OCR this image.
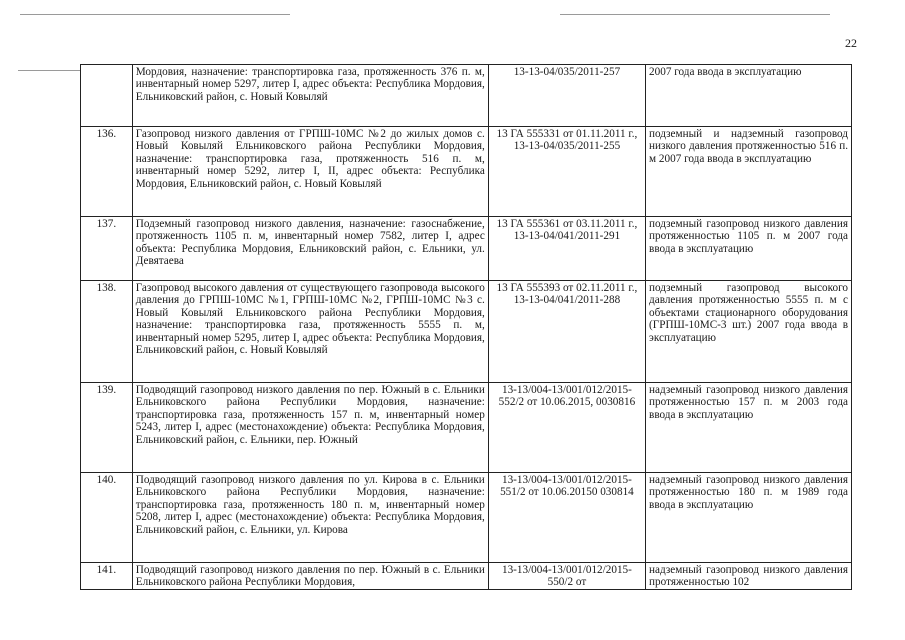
22
	Мордовия, назначение: транспортировка газа, протяженность 376 п. м, инвентарный номер 5297, литер I, адрес объекта: Республика Мордовия, Ельниковский район, с. Новый Ковыляй	13-13-04/035/2011-257	2007 года ввода в эксплуатацию
136.	Газопровод низкого давления от ГРПШ-10МС №2 до жилых домов с. Новый Ковыляй Ельниковского района Республики Мордовия, назначение: транспортировка газа, протяженность 516 п. м, инвентарный номер 5292, литер I, II, адрес объекта: Республика Мордовия, Ельниковский район, с. Новый Ковыляй	13 ГА 555331 от 01.11.2011 г., 13-13-04/035/2011-255	подземный и надземный газопровод низкого давления протяженностью 516 п. м 2007 года ввода в эксплуатацию
137.	Подземный газопровод низкого давления, назначение: газоснабжение, протяженность 1105 п. м, инвентарный номер 7582, литер I, адрес объекта: Республика Мордовия, Ельниковский район, с. Ельники, ул. Девятаева	13 ГА 555361 от 03.11.2011 г., 13-13-04/041/2011-291	подземный газопровод низкого давления протяженностью 1105 п. м 2007 года ввода в эксплуатацию
138.	Газопровод высокого давления от существующего газопровода высокого давления до ГРПШ-10МС №1, ГРПШ-10МС №2, ГРПШ-10МС №3 с. Новый Ковыляй Ельниковского района Республики Мордовия, назначение: транспортировка газа, протяженность 5555 п. м, инвентарный номер 5295, литер I, адрес объекта: Республика Мордовия, Ельниковский район, с. Новый Ковыляй	13 ГА 555393 от 02.11.2011 г., 13-13-04/041/2011-288	подземный газопровод высокого давления протяженностью 5555 п. м с объектами стационарного оборудования (ГРПШ-10МС-3 шт.) 2007 года ввода в эксплуатацию
139.	Подводящий газопровод низкого давления по пер. Южный в с. Ельники Ельниковского района Республики Мордовия, назначение: транспортировка газа, протяженность 157 п. м, инвентарный номер 5243, литер I, адрес (местонахождение) объекта: Республика Мордовия, Ельниковский район, с. Ельники, пер. Южный	13-13/004-13/001/012/2015-552/2 от 10.06.2015, 0030816	надземный газопровод низкого давления протяженностью 157 п. м 2003 года ввода в эксплуатацию
140.	Подводящий газопровод низкого давления по ул. Кирова в с. Ельники Ельниковского района Республики Мордовия, назначение: транспортировка газа, протяженность 180 п. м, инвентарный номер 5208, литер I, адрес (местонахождение) объекта: Республика Мордовия, Ельниковский район, с. Ельники, ул. Кирова	13-13/004-13/001/012/2015-551/2 от 10.06.20150 030814	надземный газопровод низкого давления протяженностью 180 п. м 1989 года ввода в эксплуатацию
141.	Подводящий газопровод низкого давления по пер. Южный в с. Ельники Ельниковского района Республики Мордовия,	13-13/004-13/001/012/2015-550/2 от	надземный газопровод низкого давления протяженностью 102
